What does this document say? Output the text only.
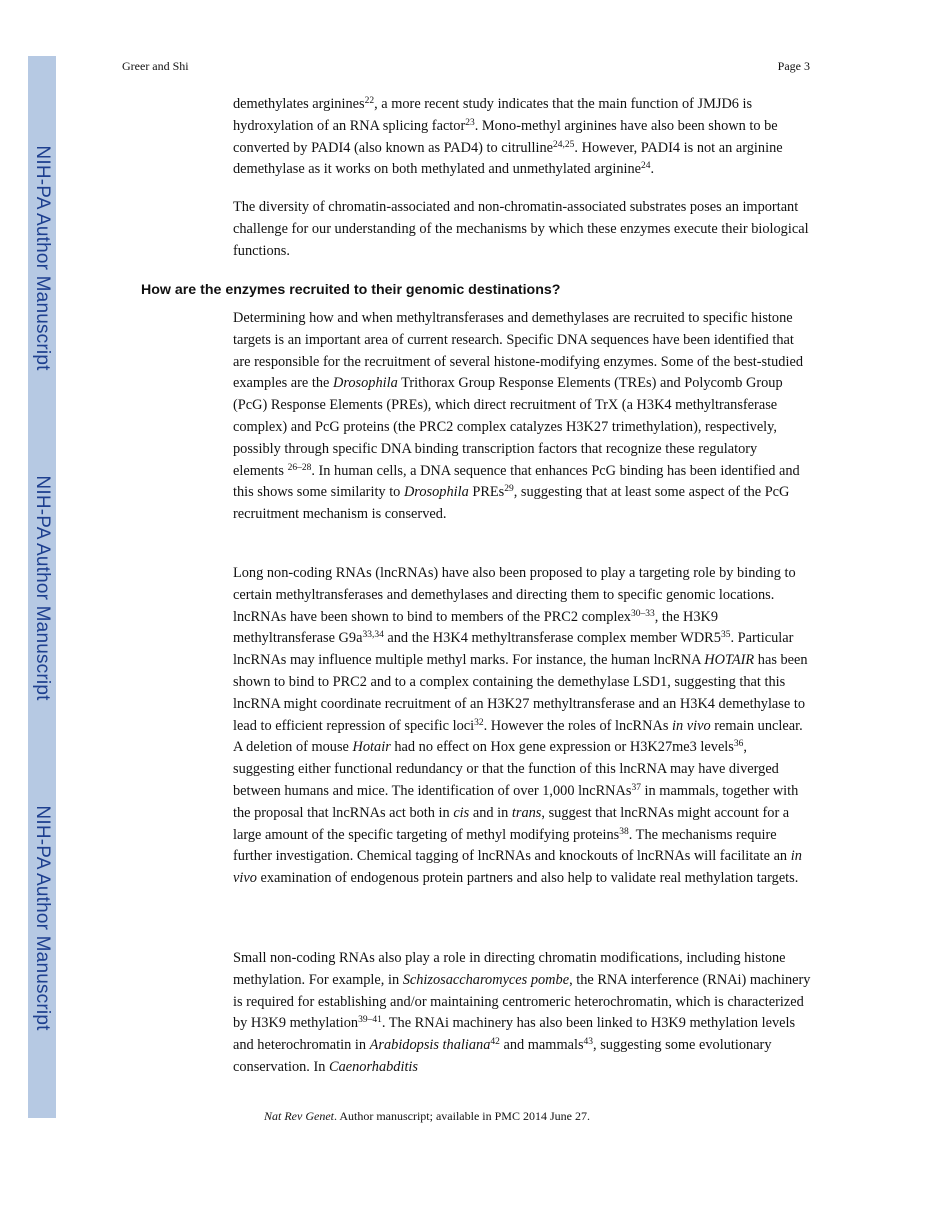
NIH-PA Author Manuscript
NIH-PA Author Manuscript
NIH-PA Author Manuscript
Greer and Shi	Page 3

demethylates arginines$^{22}$, a more recent study indicates that the main function of JMJD6 is hydroxylation of an RNA splicing factor$^{23}$. Mono-methyl arginines have also been shown to be converted by PADI4 (also known as PAD4) to citrulline$^{24,25}$. However, PADI4 is not an arginine demethylase as it works on both methylated and unmethylated arginine$^{24}$.

The diversity of chromatin-associated and non-chromatin-associated substrates poses an important challenge for our understanding of the mechanisms by which these enzymes execute their biological functions.

How are the enzymes recruited to their genomic destinations?

Determining how and when methyltransferases and demethylases are recruited to specific histone targets is an important area of current research. Specific DNA sequences have been identified that are responsible for the recruitment of several histone-modifying enzymes. Some of the best-studied examples are the Drosophila Trithorax Group Response Elements (TREs) and Polycomb Group (PcG) Response Elements (PREs), which direct recruitment of TrX (a H3K4 methyltransferase complex) and PcG proteins (the PRC2 complex catalyzes H3K27 trimethylation), respectively, possibly through specific DNA binding transcription factors that recognize these regulatory elements $^{26-28}$. In human cells, a DNA sequence that enhances PcG binding has been identified and this shows some similarity to Drosophila PREs$^{29}$, suggesting that at least some aspect of the PcG recruitment mechanism is conserved.

Long non-coding RNAs (lncRNAs) have also been proposed to play a targeting role by binding to certain methyltransferases and demethylases and directing them to specific genomic locations. lncRNAs have been shown to bind to members of the PRC2 complex$^{30-33}$, the H3K9 methyltransferase $G9a^{33,34}$ and the H3K4 methyltransferase complex member $WDR5^{35}$. Particular lncRNAs may influence multiple methyl marks. For instance, the human lncRNA HOTAIR has been shown to bind to PRC2 and to a complex containing the demethylase LSD1, suggesting that this lncRNA might coordinate recruitment of an H3K27 methyltransferase and an H3K4 demethylase to lead to efficient repression of specific loci$^{32}$. However the roles of lncRNAs in vivo remain unclear. A deletion of mouse Hotair had no effect on Hox gene expression or H3K27me3 levels$^{36}$, suggesting either functional redundancy or that the function of this lncRNA may have diverged between humans and mice. The identification of over 1,000 lncRNAs$^{37}$ in mammals, together with the proposal that lncRNAs act both in cis and in trans, suggest that lncRNAs might account for a large amount of the specific targeting of methyl modifying proteins$^{38}$. The mechanisms require further investigation. Chemical tagging of lncRNAs and knockouts of lncRNAs will facilitate an in vivo examination of endogenous protein partners and also help to validate real methylation targets.

Small non-coding RNAs also play a role in directing chromatin modifications, including histone methylation. For example, in Schizosaccharomyces pombe, the RNA interference (RNAi) machinery is required for establishing and/or maintaining centromeric heterochromatin, which is characterized by H3K9 methylation$^{39-41}$. The RNAi machinery has also been linked to H3K9 methylation levels and heterochromatin in Arabidopsis thaliana$^{42}$ and mammals$^{43}$, suggesting some evolutionary conservation. In Caenorhabditis

Nat Rev Genet. Author manuscript; available in PMC 2014 June 27.
